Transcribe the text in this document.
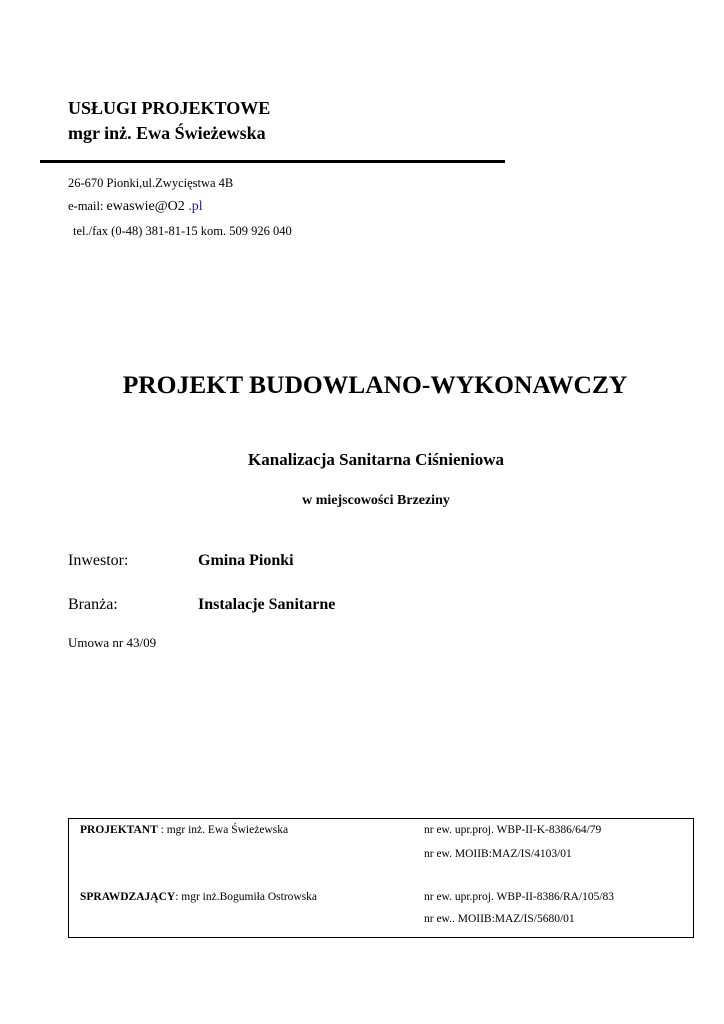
USŁUGI PROJEKTOWE
mgr inż. Ewa Świeżewska
26-670 Pionki,ul.Zwycięstwa 4B
e-mail: ewaswie@O2 .pl
tel./fax (0-48) 381-81-15 kom. 509 926 040
PROJEKT BUDOWLANO-WYKONAWCZY
Kanalizacja Sanitarna Ciśnieniowa
w miejscowości Brzeziny
Inwestor:	Gmina Pionki
Branża:	Instalacje Sanitarne
Umowa nr 43/09
PROJEKTANT : mgr inż. Ewa Świeżewska	nr ew. upr.proj. WBP-II-K-8386/64/79
nr ew. MOIIB:MAZ/IS/4103/01
SPRAWDZAJĄCY: mgr inż.Bogumiła Ostrowska	nr ew. upr.proj. WBP-II-8386/RA/105/83
nr ew.. MOIIB:MAZ/IS/5680/01
